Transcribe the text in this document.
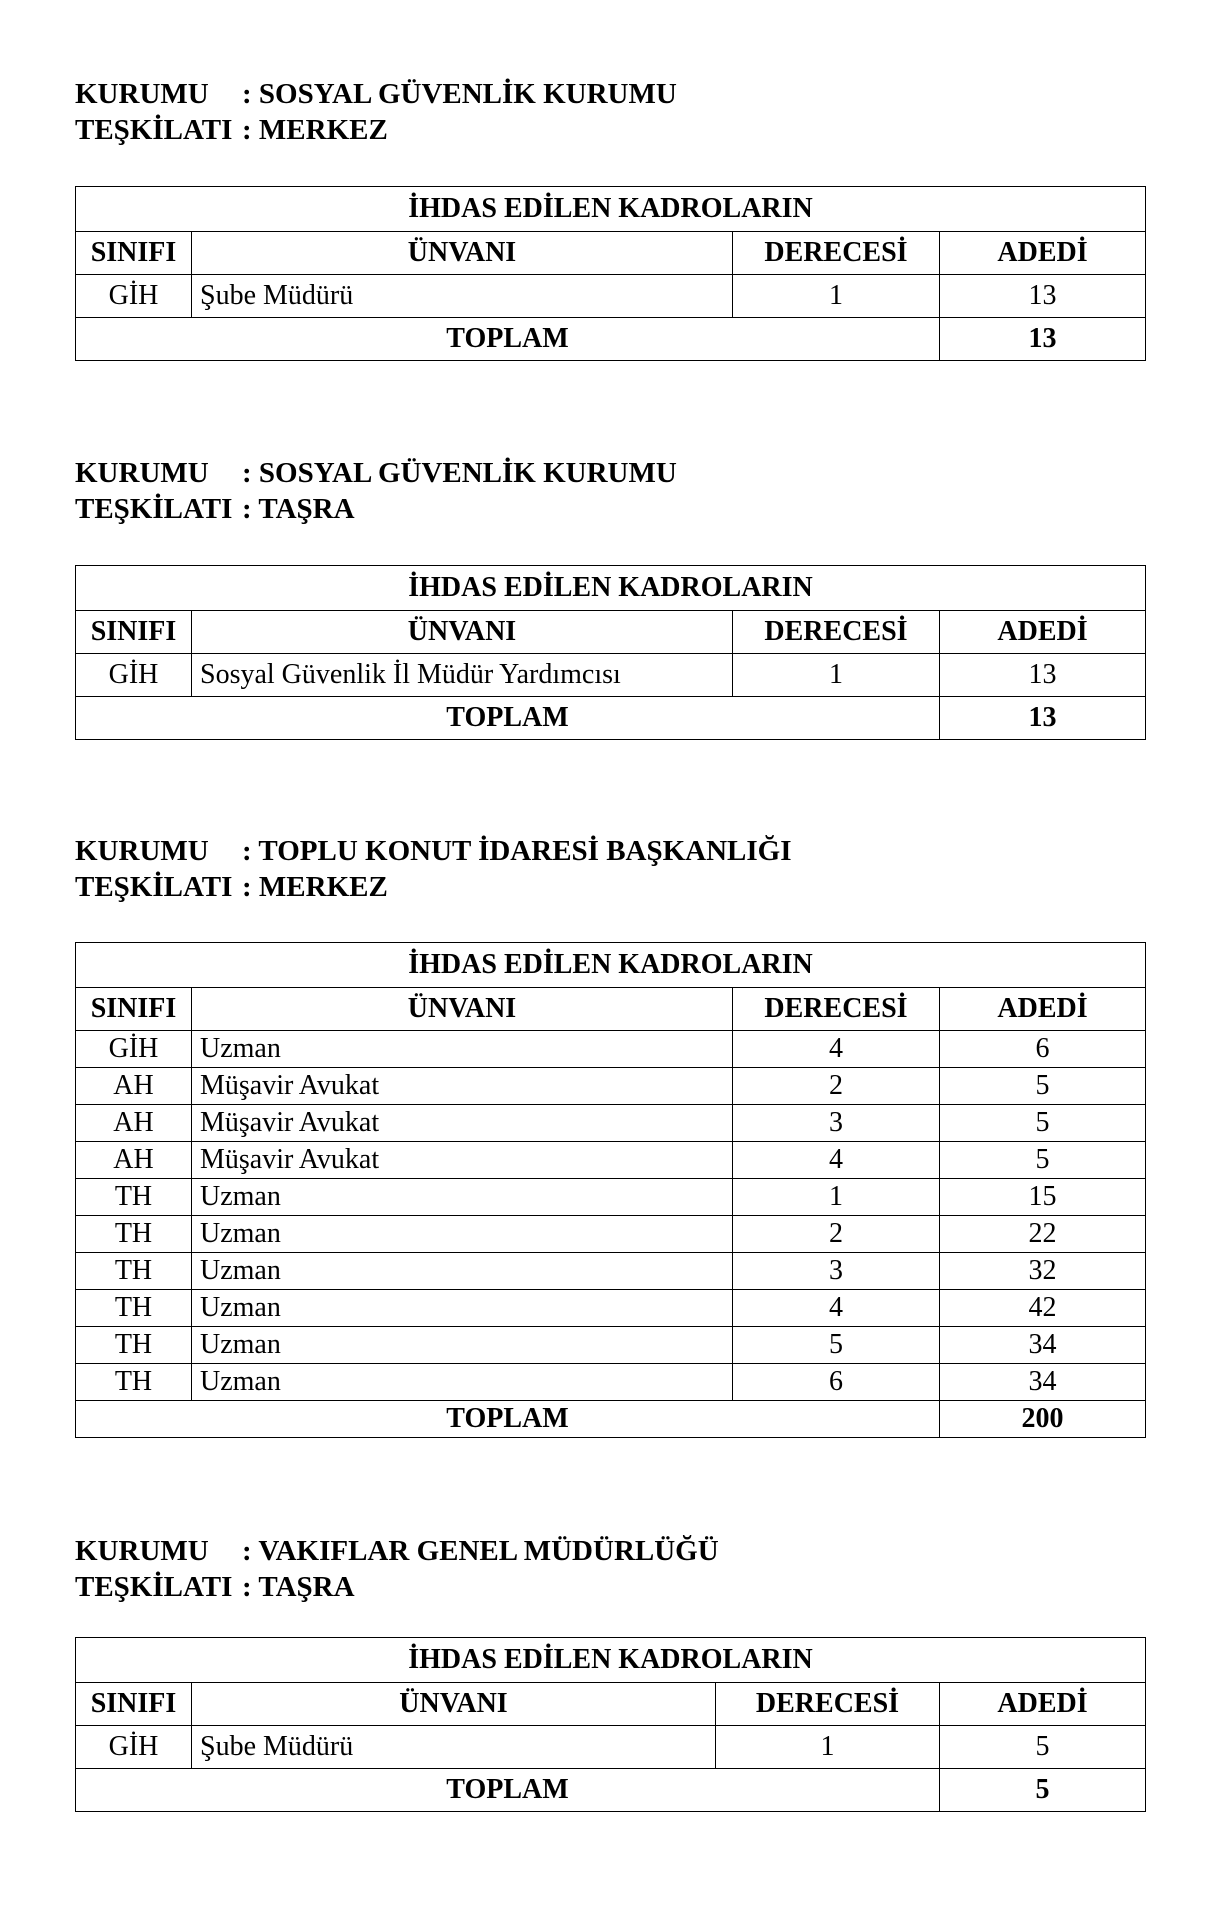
KURUMU : SOSYAL GÜVENLİK KURUMU

TEŞKİLATI : MERKEZ

İHDAS EDİLEN KADROLARIN			
SINIFI	ÜNVANI	DERECESİ	ADEDİ
GİH	Şube Müdürü	1	13
TOPLAM			13

KURUMU : SOSYAL GÜVENLİK KURUMU

TEŞKİLATI : TAŞRA

İHDAS EDİLEN KADROLARIN			
SINIFI	ÜNVANI	DERECESİ	ADEDİ
GİH	Sosyal Güvenlik İl Müdür Yardımcısı	1	13
TOPLAM			13

KURUMU : TOPLU KONUT İDARESİ BAŞKANLIĞI

TEŞKİLATI : MERKEZ

İHDAS EDİLEN KADROLARIN			
SINIFI	ÜNVANI	DERECESİ	ADEDİ
GİH	Uzman	4	6
AH	Müşavir Avukat	2	5
AH	Müşavir Avukat	3	5
AH	Müşavir Avukat	4	5
TH	Uzman	1	15
TH	Uzman	2	22
TH	Uzman	3	32
TH	Uzman	4	42
TH	Uzman	5	34
TH	Uzman	6	34
TOPLAM			200

KURUMU : VAKIFLAR GENEL MÜDÜRLÜĞÜ

TEŞKİLATI : TAŞRA

İHDAS EDİLEN KADROLARIN			
SINIFI	ÜNVANI	DERECESİ	ADEDİ
GİH	Şube Müdürü	1	5
TOPLAM			5
